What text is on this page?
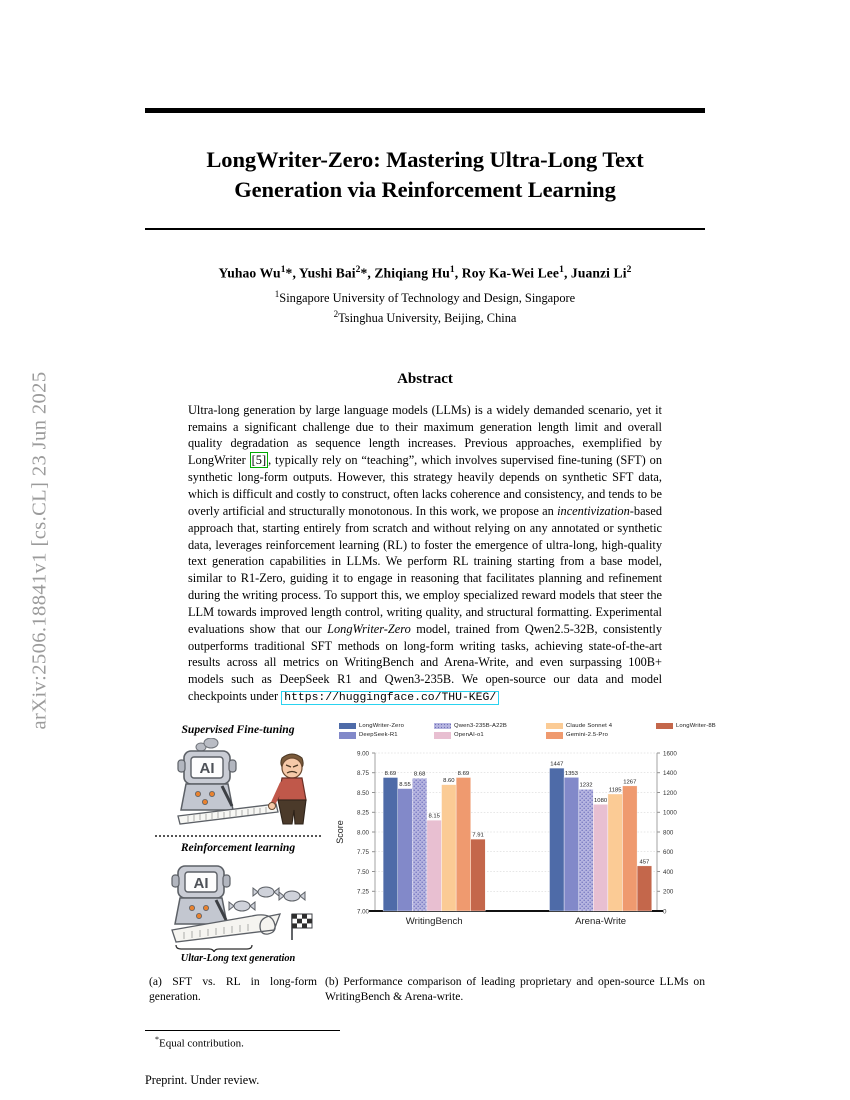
arXiv:2506.18841v1 [cs.CL] 23 Jun 2025
LongWriter-Zero: Mastering Ultra-Long Text Generation via Reinforcement Learning
Yuhao Wu$^1$*, Yushi Bai$^2$*, Zhiqiang Hu$^1$, Roy Ka-Wei Lee$^1$, Juanzi Li$^2$
$^1$Singapore University of Technology and Design, Singapore
$^2$Tsinghua University, Beijing, China
Abstract
Ultra-long generation by large language models (LLMs) is a widely demanded scenario, yet it remains a significant challenge due to their maximum generation length limit and overall quality degradation as sequence length increases. Previous approaches, exemplified by LongWriter [5] , typically rely on “teaching”, which involves supervised fine-tuning (SFT) on synthetic long-form outputs. However, this strategy heavily depends on synthetic SFT data, which is difficult and costly to construct, often lacks coherence and consistency, and tends to be overly artificial and structurally monotonous. In this work, we propose an incentivization-based approach that, starting entirely from scratch and without relying on any annotated or synthetic data, leverages reinforcement learning (RL) to foster the emergence of ultra-long, high-quality text generation capabilities in LLMs. We perform RL training starting from a base model, similar to R1-Zero, guiding it to engage in reasoning that facilitates planning and refinement during the writing process. To support this, we employ specialized reward models that steer the LLM towards improved length control, writing quality, and structural formatting. Experimental evaluations show that our LongWriter-Zero model, trained from Qwen2.5-32B, consistently outperforms traditional SFT methods on long-form writing tasks, achieving state-of-the-art results across all metrics on WritingBench and Arena-Write, and even surpassing 100B+ models such as DeepSeek R1 and Qwen3-235B. We open-source our data and model checkpoints under https://huggingface.co/THU-KEG/
Supervised Fine-tuning
AI
Reinforcement learning
AI
Ultar-Long text generation
LongWriter-Zero	Qwen3-235B-A22B	Claude Sonnet 4	LongWriter-8B
DeepSeek-R1	OpenAI-o1	Gemini-2.5-Pro
7.00	0
7.25	200
7.50	400
7.75	600
8.00	800
8.25	1000
8.50	1200
8.75	1400
9.00	1600
Score
8.69
8.55
8.68
8.15
8.60
8.69
7.91
WritingBench
1447
1353
1232
1080
1185
1267
457
Arena-Write
(a) SFT vs. RL in long-form generation.
(b) Performance comparison of leading proprietary and open-source LLMs on WritingBench & Arena-write.
*Equal contribution.
Preprint. Under review.
